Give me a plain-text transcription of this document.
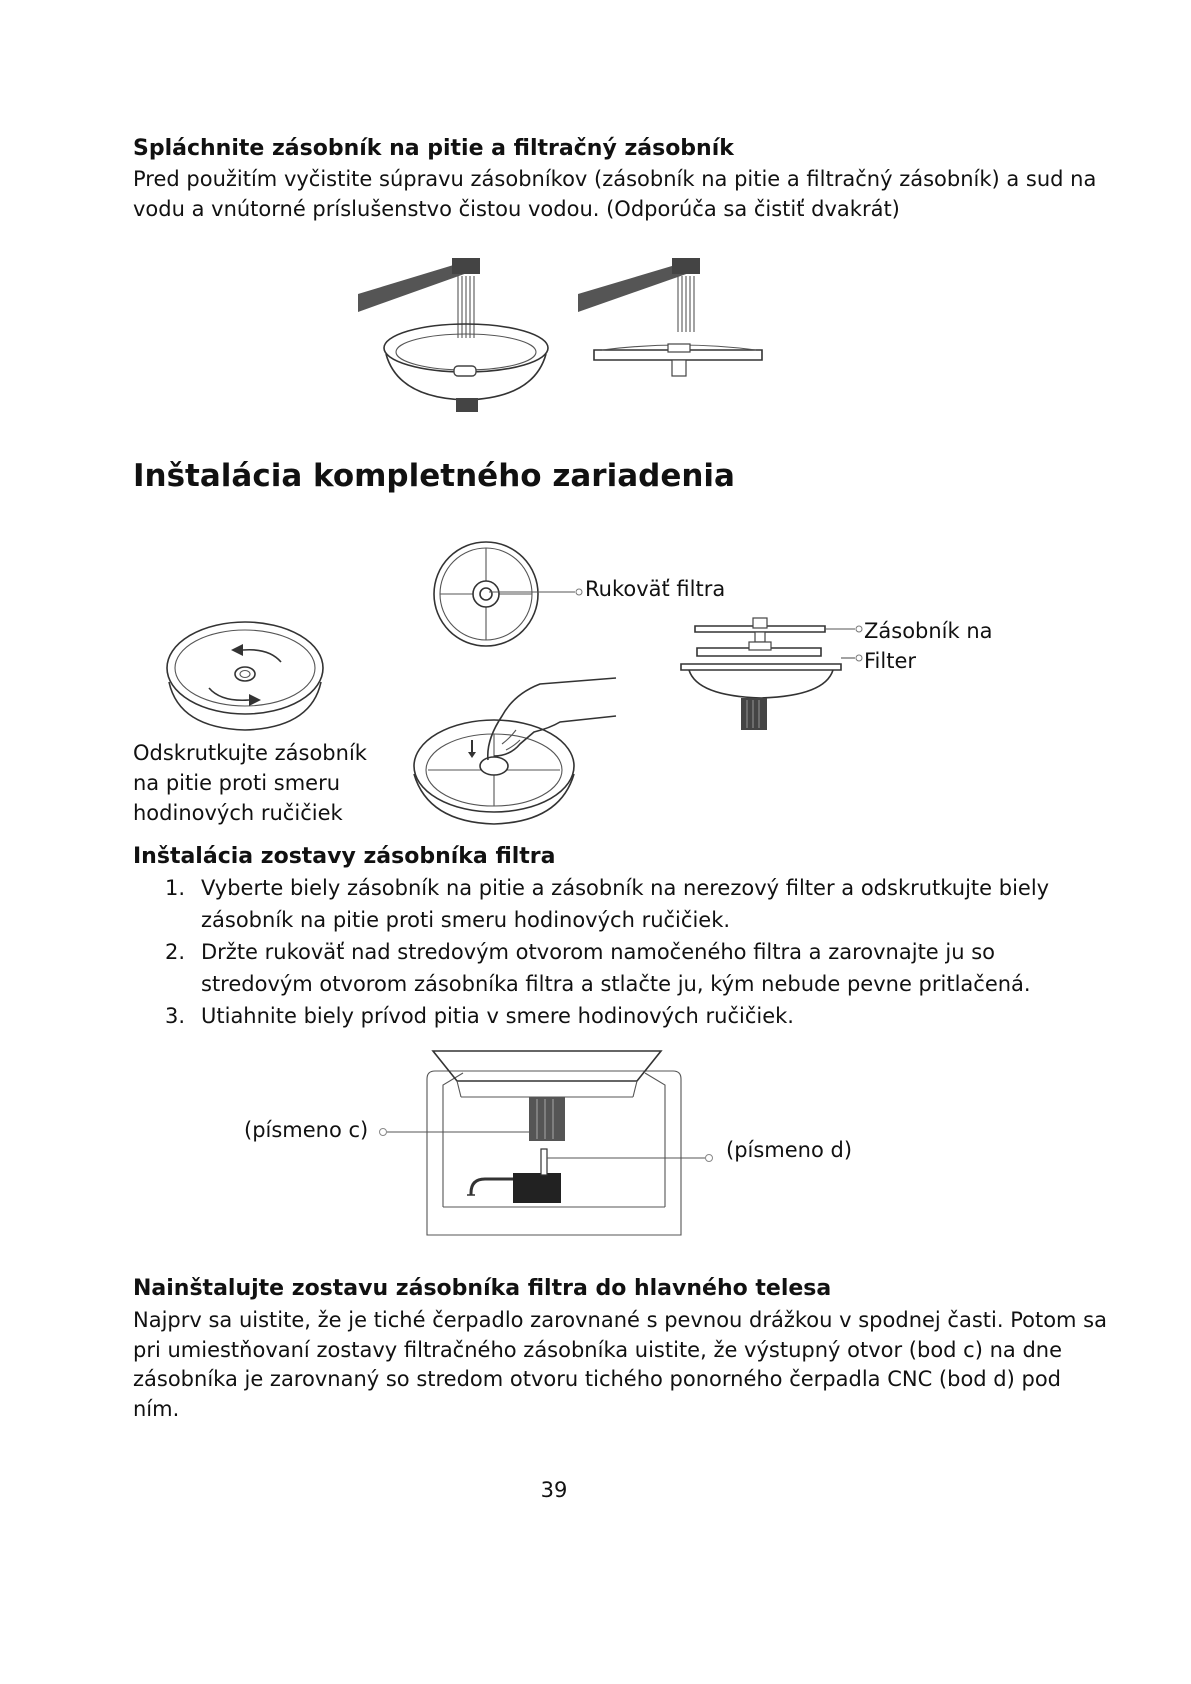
Spláchnite zásobník na pitie a filtračný zásobník
Pred použitím vyčistite súpravu zásobníkov (zásobník na pitie a filtračný zásobník) a sud na
vodu a vnútorné príslušenstvo čistou vodou. (Odporúča sa čistiť dvakrát)
Inštalácia kompletného zariadenia
Rukoväť filtra
Zásobník na
Filter
Odskrutkujte zásobník
na pitie proti smeru
hodinových ručičiek
Inštalácia zostavy zásobníka filtra
1. Vyberte biely zásobník na pitie a zásobník na nerezový filter a odskrutkujte biely
zásobník na pitie proti smeru hodinových ručičiek.
2. Držte rukoväť nad stredovým otvorom namočeného filtra a zarovnajte ju so
stredovým otvorom zásobníka filtra a stlačte ju, kým nebude pevne pritlačená.
3. Utiahnite biely prívod pitia v smere hodinových ručičiek.
(písmeno c)
(písmeno d)
Nainštalujte zostavu zásobníka filtra do hlavného telesa
Najprv sa uistite, že je tiché čerpadlo zarovnané s pevnou drážkou v spodnej časti. Potom sa
pri umiestňovaní zostavy filtračného zásobníka uistite, že výstupný otvor (bod c) na dne
zásobníka je zarovnaný so stredom otvoru tichého ponorného čerpadla CNC (bod d) pod
ním.
39
